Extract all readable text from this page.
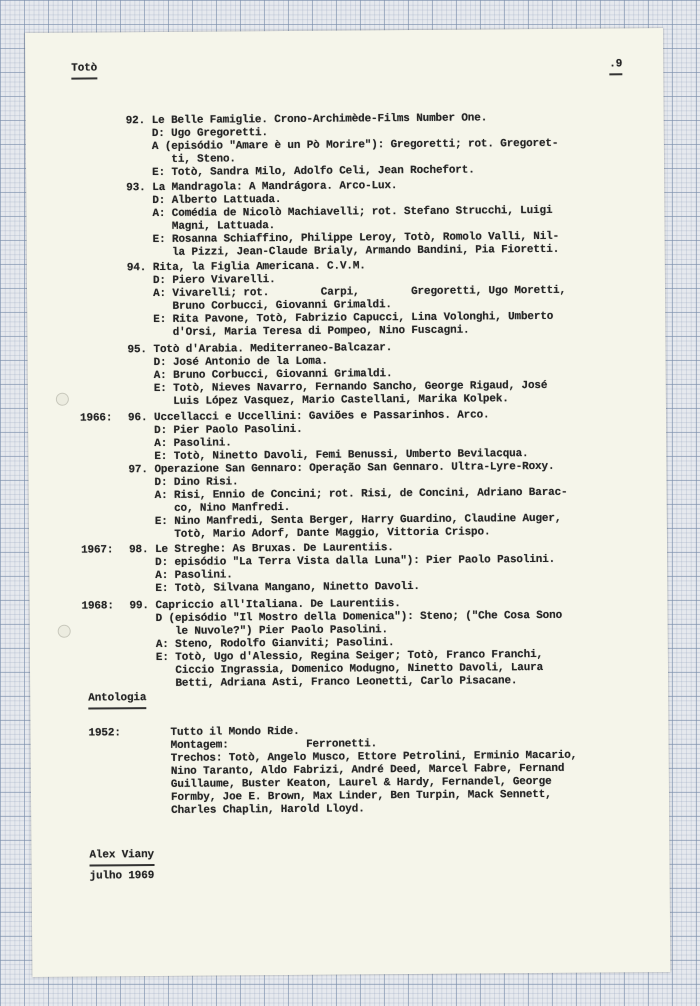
Totò	.9
92. Le Belle Famiglie. Crono-Archimède-Films Number One.
D: Ugo Gregoretti.
A (episódio "Amare è un Pò Morire"): Gregoretti; rot. Gregoret-
ti, Steno.
E: Totò, Sandra Milo, Adolfo Celi, Jean Rochefort.
93. La Mandragola: A Mandrágora. Arco-Lux.
D: Alberto Lattuada.
A: Comédia de Nicolò Machiavelli; rot. Stefano Strucchi, Luigi
Magni, Lattuada.
E: Rosanna Schiaffino, Philippe Leroy, Totò, Romolo Valli, Nil-
la Pizzi, Jean-Claude Brialy, Armando Bandini, Pia Fioretti.
94. Rita, la Figlia Americana. C.V.M.
D: Piero Vivarelli.
A: Vivarelli; rot.        Carpi,        Gregoretti, Ugo Moretti,
Bruno Corbucci, Giovanni Grimaldi.
E: Rita Pavone, Totò, Fabrizio Capucci, Lina Volonghi, Umberto
d'Orsi, Maria Teresa di Pompeo, Nino Fuscagni.
95. Totò d'Arabia. Mediterraneo-Balcazar.
D: José Antonio de la Loma.
A: Bruno Corbucci, Giovanni Grimaldi.
E: Totò, Nieves Navarro, Fernando Sancho, George Rigaud, José
Luis López Vasquez, Mario Castellani, Marika Kolpek.
1966: 96. Uccellacci e Uccellini: Gaviões e Passarinhos. Arco.
D: Pier Paolo Pasolini.
A: Pasolini.
E: Totò, Ninetto Davoli, Femi Benussi, Umberto Bevilacqua.
97. Operazione San Gennaro: Operação San Gennaro. Ultra-Lyre-Roxy.
D: Dino Risi.
A: Risi, Ennio de Concini; rot. Risi, de Concini, Adriano Barac-
co, Nino Manfredi.
E: Nino Manfredi, Senta Berger, Harry Guardino, Claudine Auger,
Totò, Mario Adorf, Dante Maggio, Vittoria Crispo.
1967: 98. Le Streghe: As Bruxas. De Laurentiis.
D: episódio "La Terra Vista dalla Luna"): Pier Paolo Pasolini.
A: Pasolini.
E: Totò, Silvana Mangano, Ninetto Davoli.
1968: 99. Capriccio all'Italiana. De Laurentiis.
D (episódio "Il Mostro della Domenica"): Steno; ("Che Cosa Sono
le Nuvole?") Pier Paolo Pasolini.
A: Steno, Rodolfo Gianviti; Pasolini.
E: Totò, Ugo d'Alessio, Regina Seiger; Totò, Franco Franchi,
Ciccio Ingrassia, Domenico Modugno, Ninetto Davoli, Laura
Betti, Adriana Asti, Franco Leonetti, Carlo Pisacane.
Antologia
1952:	Tutto il Mondo Ride.
Montagem:            Ferronetti.
Trechos: Totò, Angelo Musco, Ettore Petrolini, Erminio Macario,
Nino Taranto, Aldo Fabrizi, André Deed, Marcel Fabre, Fernand
Guillaume, Buster Keaton, Laurel & Hardy, Fernandel, George
Formby, Joe E. Brown, Max Linder, Ben Turpin, Mack Sennett,
Charles Chaplin, Harold Lloyd.
Alex Viany
julho 1969
